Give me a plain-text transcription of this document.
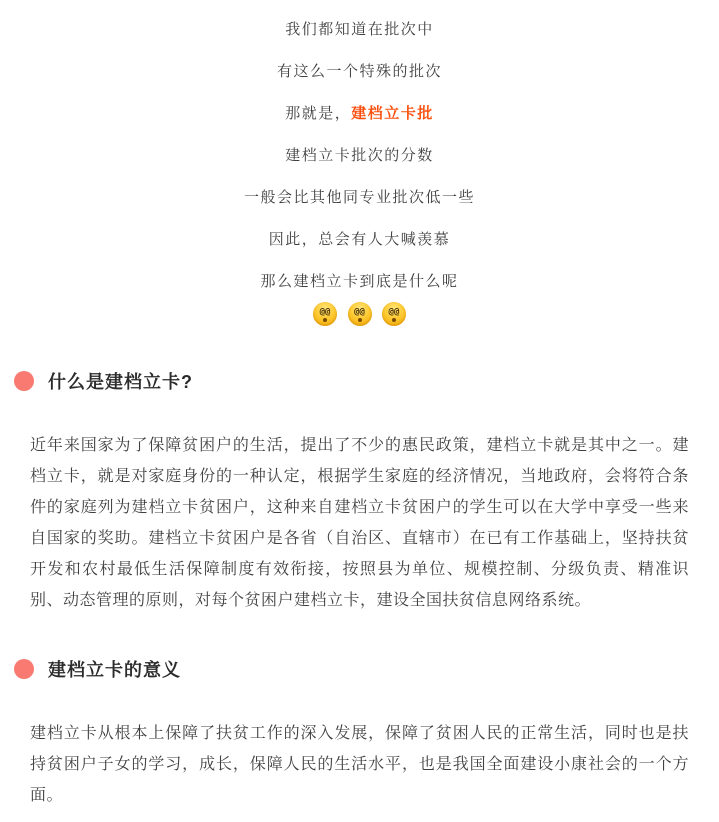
我们都知道在批次中

有这么一个特殊的批次

那就是，建档立卡批

建档立卡批次的分数

一般会比其他同专业批次低一些

因此，总会有人大喊羡慕

那么建档立卡到底是什么呢

@@
	@@
	@@
什么是建档立卡?

近年来国家为了保障贫困户的生活，提出了不少的惠民政策，建档立卡就是其中之一。建档立卡，就是对家庭身份的一种认定，根据学生家庭的经济情况，当地政府，会将符合条件的家庭列为建档立卡贫困户，这种来自建档立卡贫困户的学生可以在大学中享受一些来自国家的奖助。建档立卡贫困户是各省（自治区、直辖市）在已有工作基础上，坚持扶贫开发和农村最低生活保障制度有效衔接，按照县为单位、规模控制、分级负责、精准识别、动态管理的原则，对每个贫困户建档立卡，建设全国扶贫信息网络系统。

建档立卡的意义

建档立卡从根本上保障了扶贫工作的深入发展，保障了贫困人民的正常生活，同时也是扶持贫困户子女的学习，成长，保障人民的生活水平，也是我国全面建设小康社会的一个方面。
